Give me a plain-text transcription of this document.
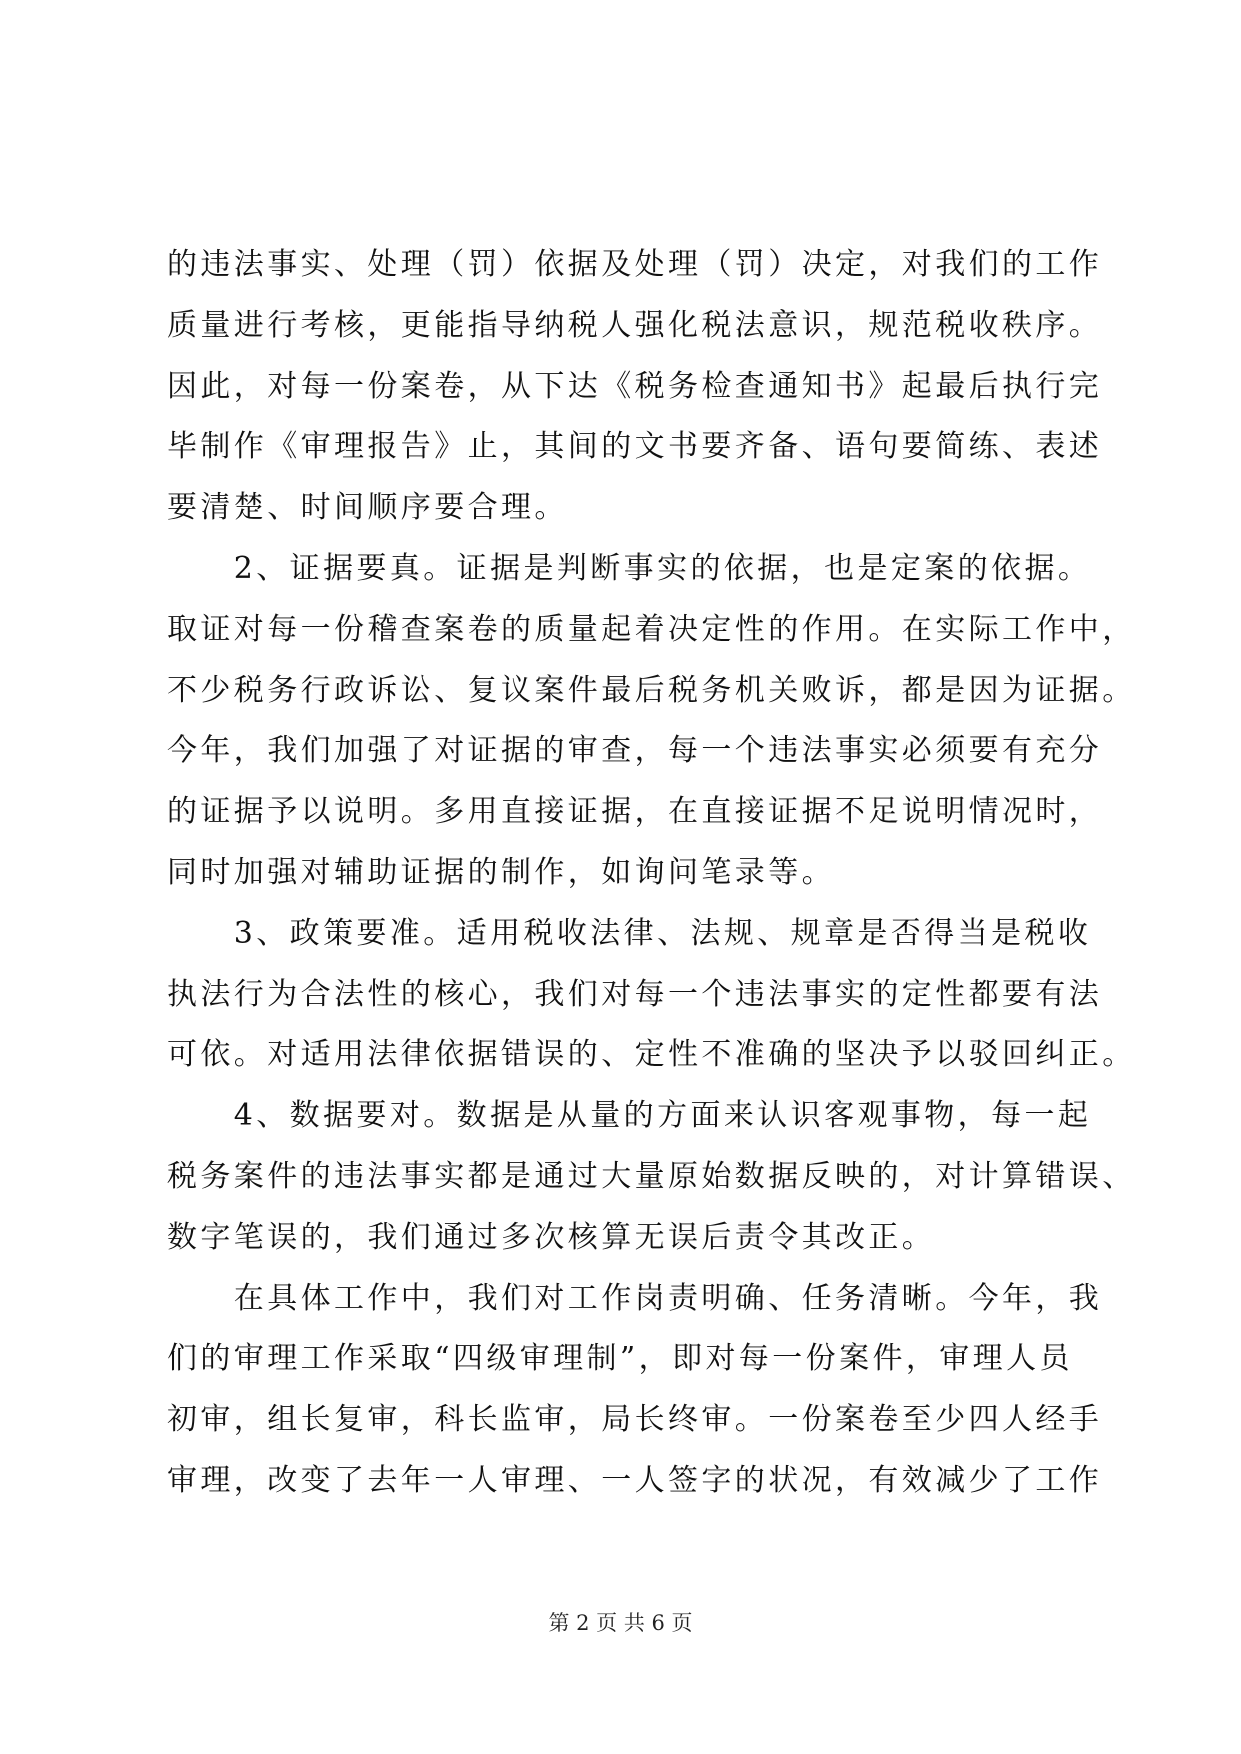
的违法事实、处理（罚）依据及处理（罚）决定，对我们的工作
质量进行考核，更能指导纳税人强化税法意识，规范税收秩序。
因此，对每一份案卷，从下达《税务检查通知书》起最后执行完
毕制作《审理报告》止，其间的文书要齐备、语句要简练、表述
要清楚、时间顺序要合理。
　　2、证据要真。证据是判断事实的依据，也是定案的依据。
取证对每一份稽查案卷的质量起着决定性的作用。在实际工作中，
不少税务行政诉讼、复议案件最后税务机关败诉，都是因为证据。
今年，我们加强了对证据的审查，每一个违法事实必须要有充分
的证据予以说明。多用直接证据，在直接证据不足说明情况时，
同时加强对辅助证据的制作，如询问笔录等。
　　3、政策要准。适用税收法律、法规、规章是否得当是税收
执法行为合法性的核心，我们对每一个违法事实的定性都要有法
可依。对适用法律依据错误的、定性不准确的坚决予以驳回纠正。
　　4、数据要对。数据是从量的方面来认识客观事物，每一起
税务案件的违法事实都是通过大量原始数据反映的，对计算错误、
数字笔误的，我们通过多次核算无误后责令其改正。
　　在具体工作中，我们对工作岗责明确、任务清晰。今年，我
们的审理工作采取“四级审理制”，即对每一份案件，审理人员
初审，组长复审，科长监审，局长终审。一份案卷至少四人经手
审理，改变了去年一人审理、一人签字的状况，有效减少了工作
第 2 页 共 6 页
